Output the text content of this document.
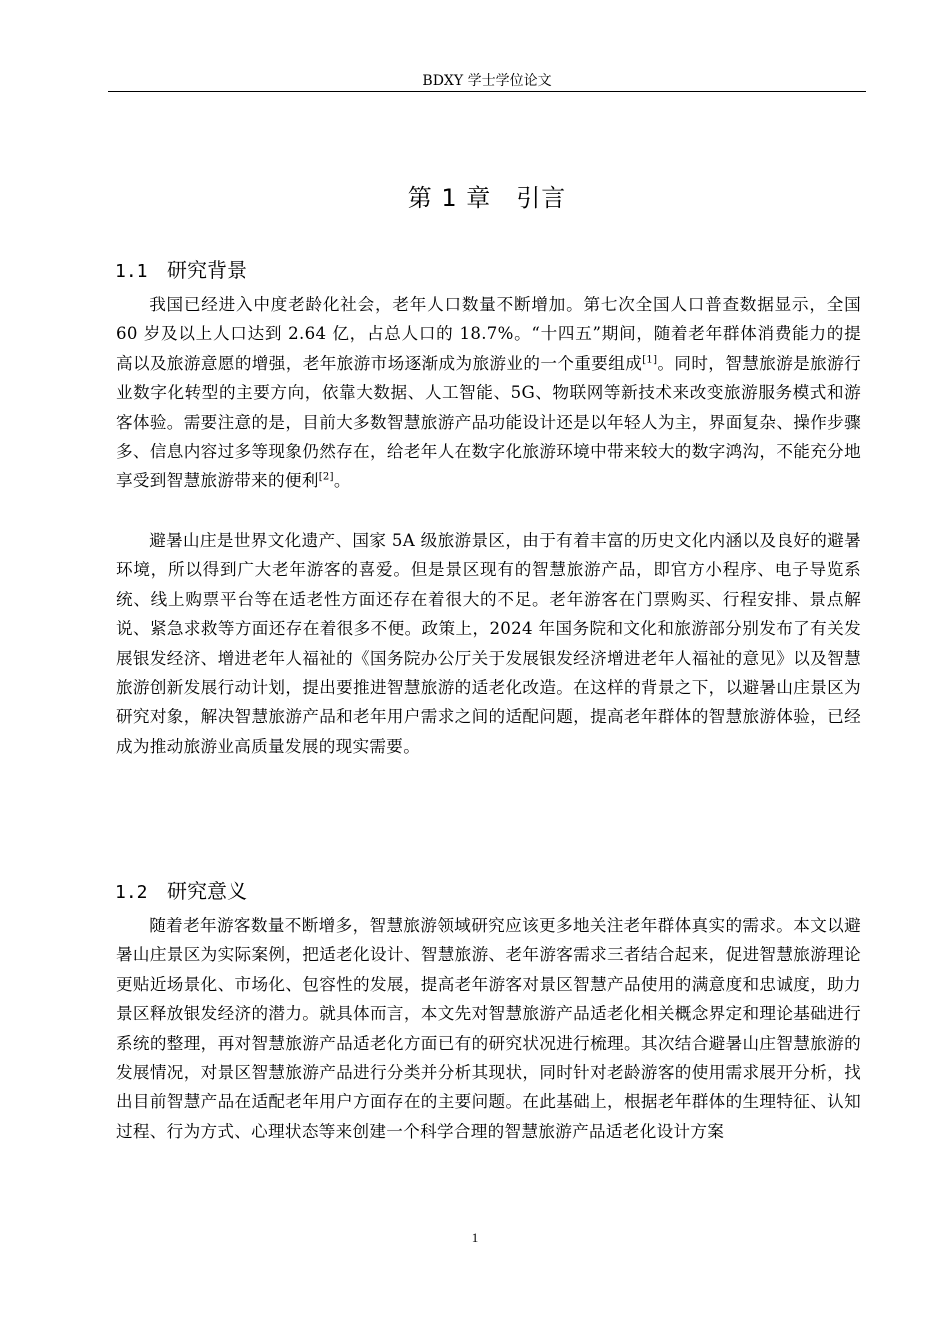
BDXY 学士学位论文
第 1 章　引言
1.1 研究背景

我国已经进入中度老龄化社会，老年人口数量不断增加。第七次全国人口普查数据显示，全国 60 岁及以上人口达到 2.64 亿，占总人口的 18.7%。“十四五”期间，随着老年群体消费能力的提高以及旅游意愿的增强，老年旅游市场逐渐成为旅游业的一个重要组成[1]。同时，智慧旅游是旅游行业数字化转型的主要方向，依靠大数据、人工智能、5G、物联网等新技术来改变旅游服务模式和游客体验。需要注意的是，目前大多数智慧旅游产品功能设计还是以年轻人为主，界面复杂、操作步骤多、信息内容过多等现象仍然存在，给老年人在数字化旅游环境中带来较大的数字鸿沟，不能充分地享受到智慧旅游带来的便利[2]。

避暑山庄是世界文化遗产、国家 5A 级旅游景区，由于有着丰富的历史文化内涵以及良好的避暑环境，所以得到广大老年游客的喜爱。但是景区现有的智慧旅游产品，即官方小程序、电子导览系统、线上购票平台等在适老性方面还存在着很大的不足。老年游客在门票购买、行程安排、景点解说、紧急求救等方面还存在着很多不便。政策上，2024 年国务院和文化和旅游部分别发布了有关发展银发经济、增进老年人福祉的《国务院办公厅关于发展银发经济增进老年人福祉的意见》以及智慧旅游创新发展行动计划，提出要推进智慧旅游的适老化改造。在这样的背景之下，以避暑山庄景区为研究对象，解决智慧旅游产品和老年用户需求之间的适配问题，提高老年群体的智慧旅游体验，已经成为推动旅游业高质量发展的现实需要。

1.2 研究意义

随着老年游客数量不断增多，智慧旅游领域研究应该更多地关注老年群体真实的需求。本文以避暑山庄景区为实际案例，把适老化设计、智慧旅游、老年游客需求三者结合起来，促进智慧旅游理论更贴近场景化、市场化、包容性的发展，提高老年游客对景区智慧产品使用的满意度和忠诚度，助力景区释放银发经济的潜力。就具体而言，本文先对智慧旅游产品适老化相关概念界定和理论基础进行系统的整理，再对智慧旅游产品适老化方面已有的研究状况进行梳理。其次结合避暑山庄智慧旅游的发展情况，对景区智慧旅游产品进行分类并分析其现状，同时针对老龄游客的使用需求展开分析，找出目前智慧产品在适配老年用户方面存在的主要问题。在此基础上，根据老年群体的生理特征、认知过程、行为方式、心理状态等来创建一个科学合理的智慧旅游产品适老化设计方案

1
